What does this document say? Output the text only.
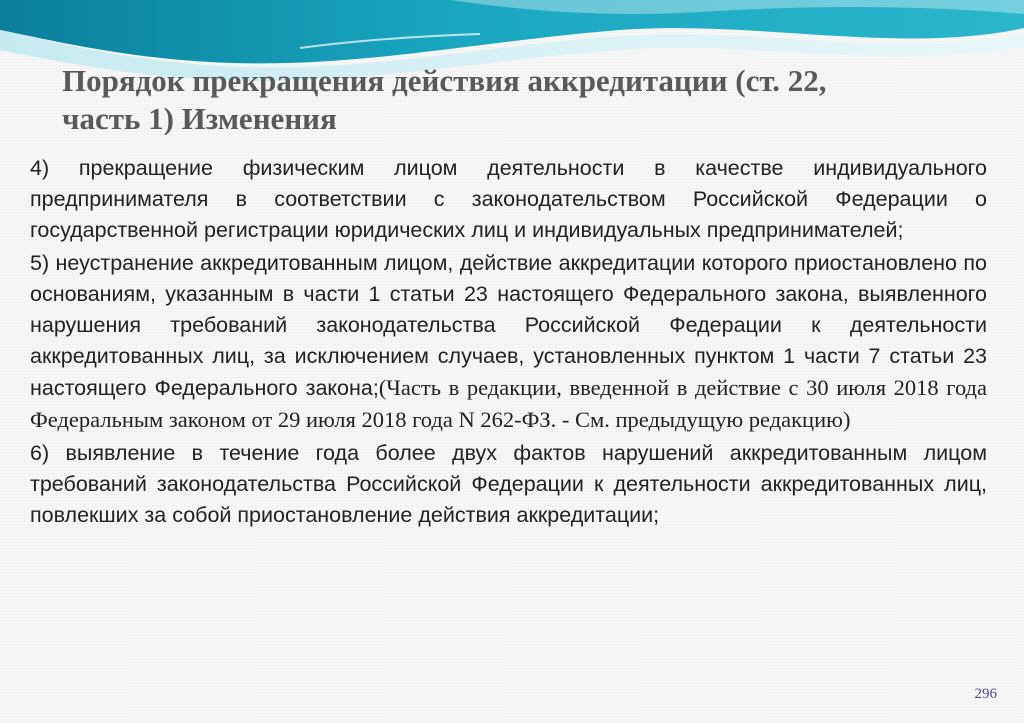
Порядок прекращения действия аккредитации (ст. 22,
часть 1) Изменения

4) прекращение физическим лицом деятельности в качестве индивидуального предпринимателя в соответствии с законодательством Российской Федерации о государственной регистрации юридических лиц и индивидуальных предпринимателей;

5) неустранение аккредитованным лицом, действие аккредитации которого приостановлено по основаниям, указанным в части 1 статьи 23 настоящего Федерального закона, выявленного нарушения требований законодательства Российской Федерации к деятельности аккредитованных лиц, за исключением случаев, установленных пунктом 1 части 7 статьи 23 настоящего Федерального закона;(Часть в редакции, введенной в действие с 30 июля 2018 года Федеральным законом от 29 июля 2018 года N 262-ФЗ. - См. предыдущую редакцию)

6) выявление в течение года более двух фактов нарушений аккредитованным лицом требований законодательства Российской Федерации к деятельности аккредитованных лиц, повлекших за собой приостановление действия аккредитации;

296
